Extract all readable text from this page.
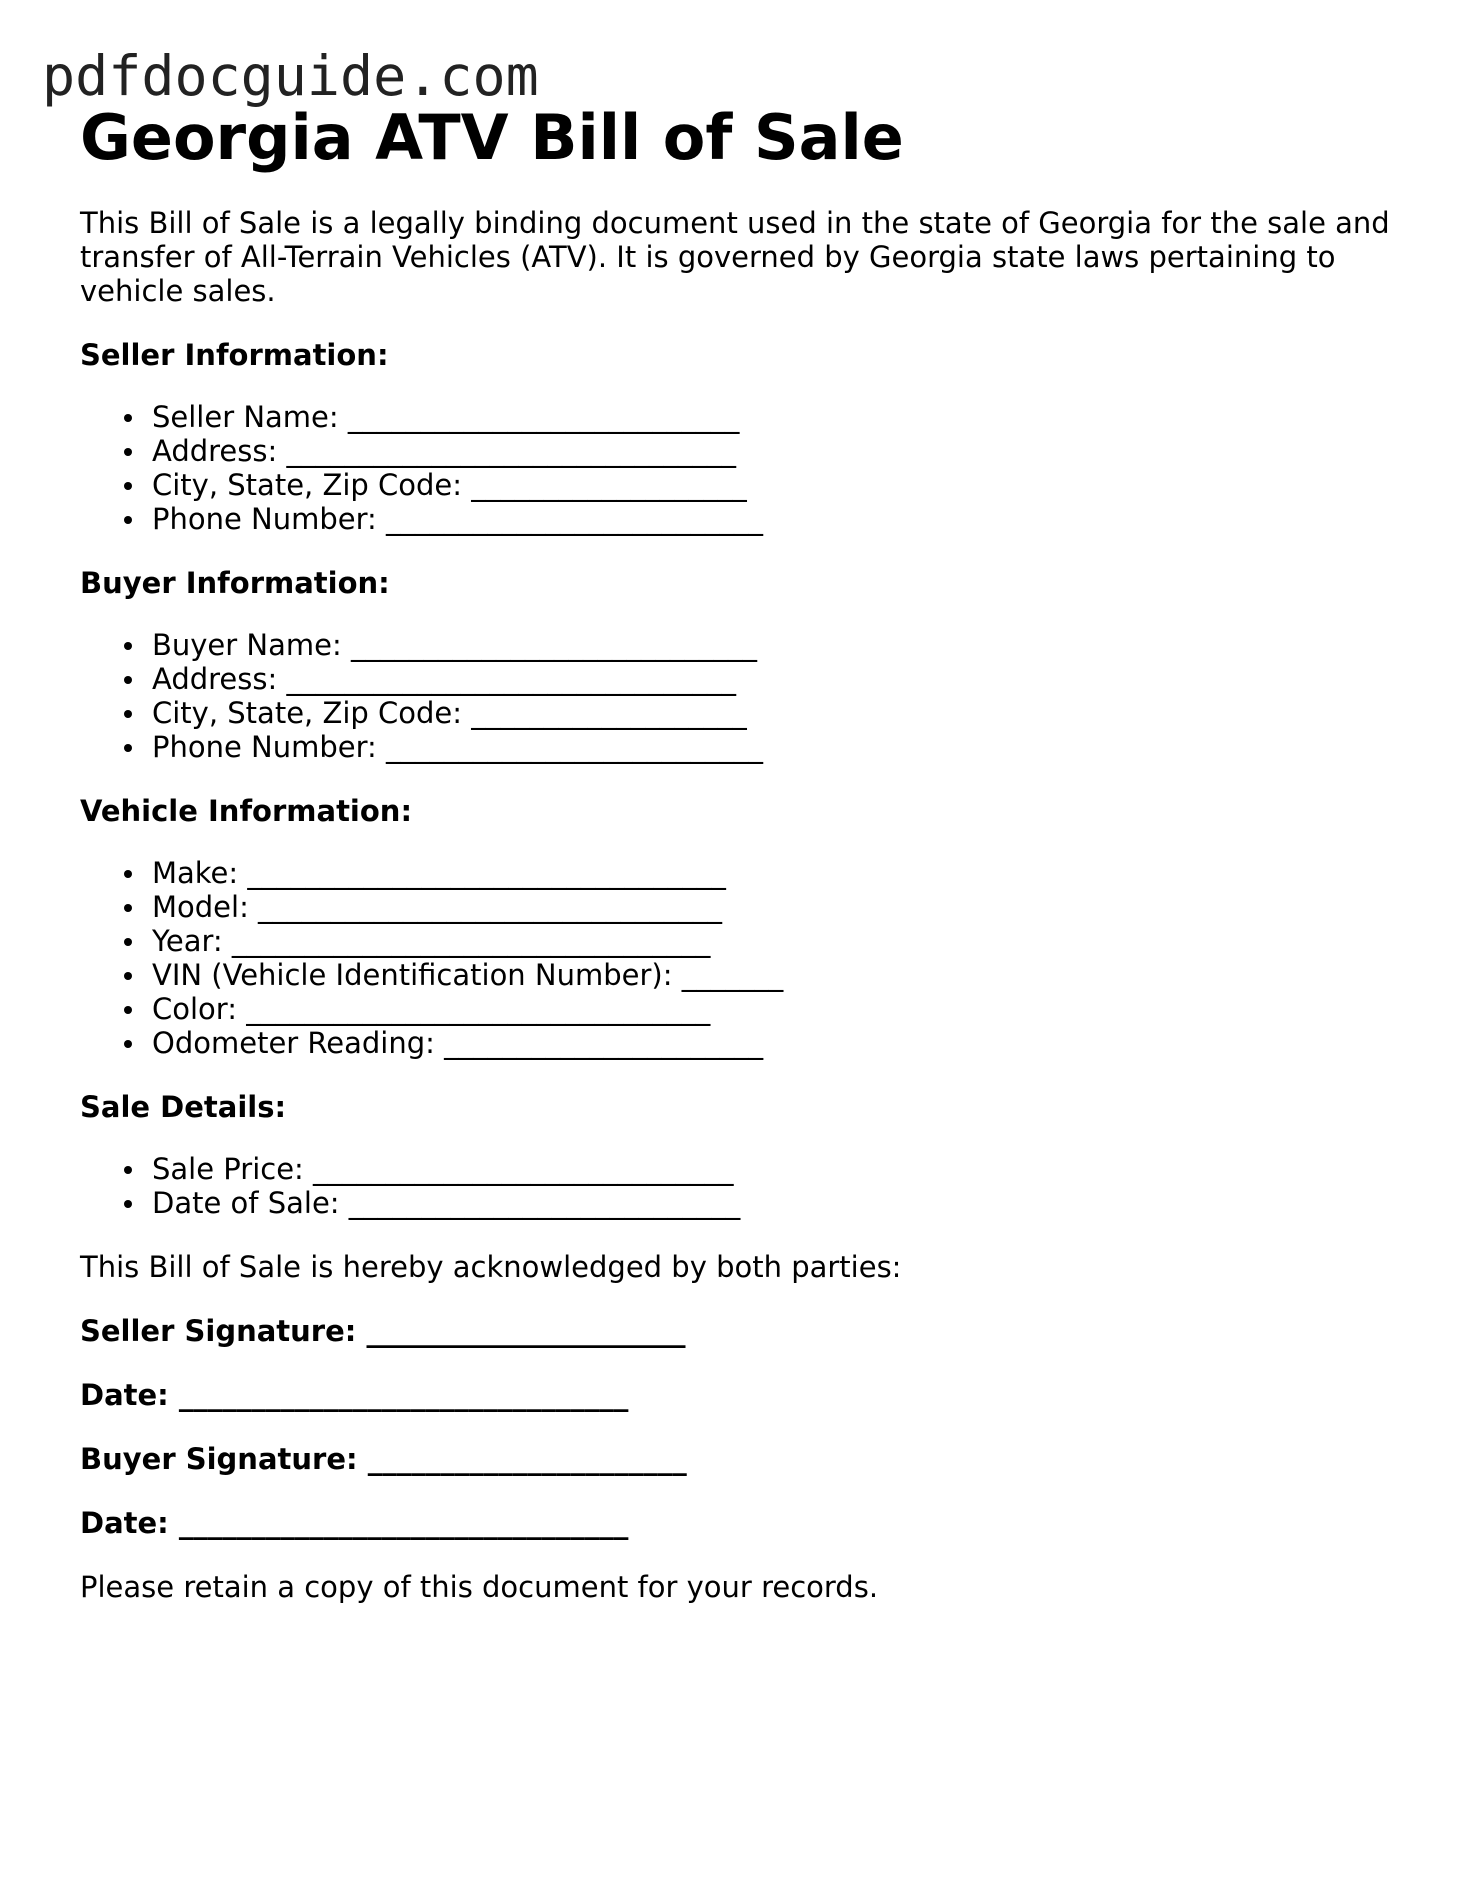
pdfdocguide.com
Georgia ATV Bill of Sale

This Bill of Sale is a legally binding document used in the state of Georgia for the sale and transfer of All-Terrain Vehicles (ATV). It is governed by Georgia state laws pertaining to vehicle sales.

Seller Information:

Seller Name: ___________________________
Address: _______________________________
City, State, Zip Code: ___________________
Phone Number: __________________________

Buyer Information:

Buyer Name: ____________________________
Address: _______________________________
City, State, Zip Code: ___________________
Phone Number: __________________________

Vehicle Information:

Make: _________________________________
Model: ________________________________
Year: _________________________________
VIN (Vehicle Identification Number): _______
Color: ________________________________
Odometer Reading: ______________________

Sale Details:

Sale Price: _____________________________
Date of Sale: ___________________________

This Bill of Sale is hereby acknowledged by both parties:

Seller Signature: ______________________

Date: _______________________________

Buyer Signature: ______________________

Date: _______________________________

Please retain a copy of this document for your records.
